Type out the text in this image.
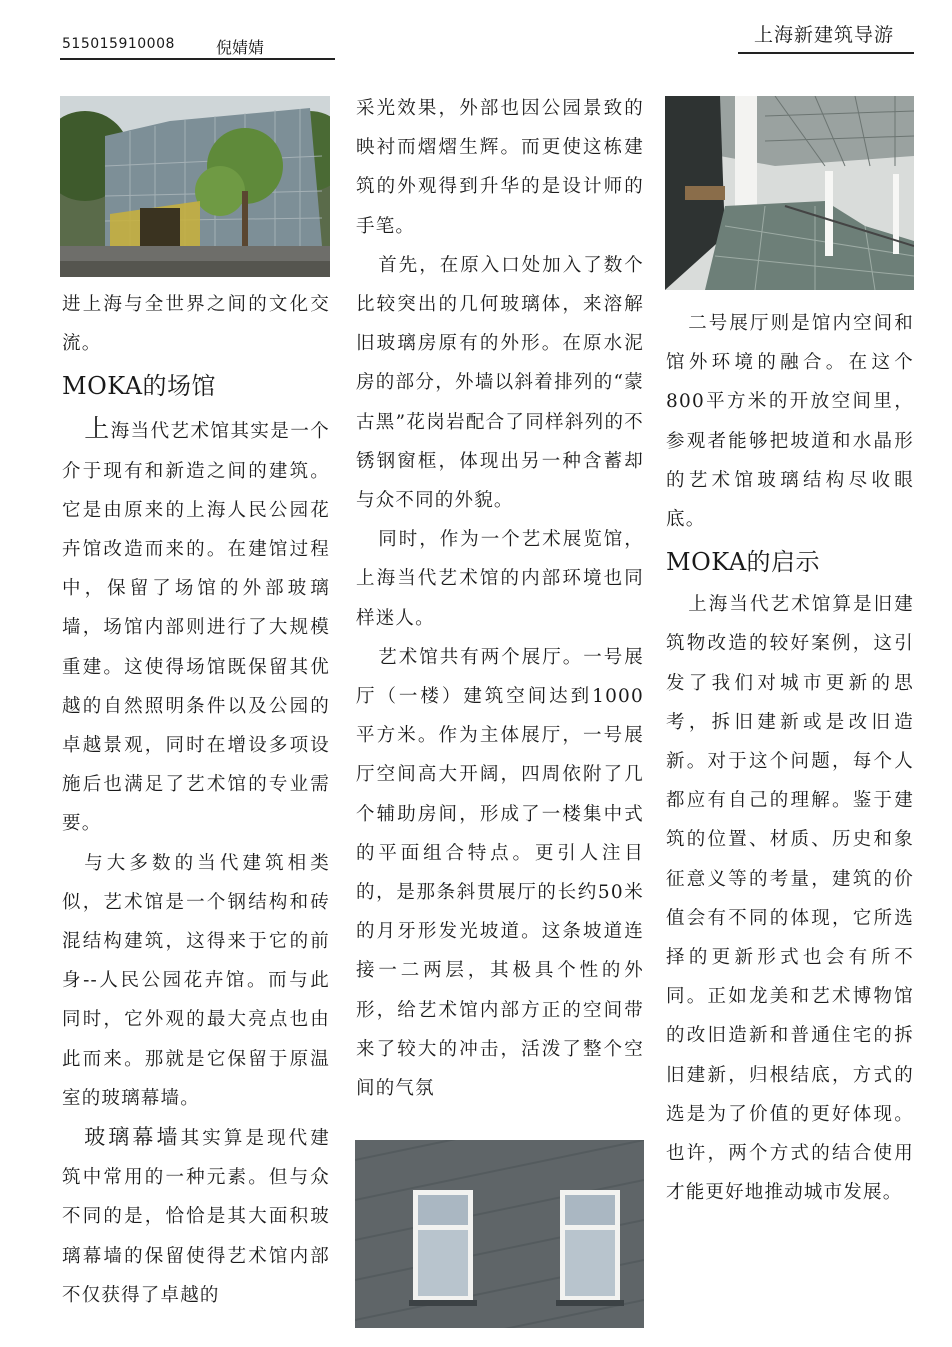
515015910008	倪婧婧
上海新建筑导游

进上海与全世界之间的文化交流。

MOKA的场馆

上海当代艺术馆其实是一个介于现有和新造之间的建筑。它是由原来的上海人民公园花卉馆改造而来的。在建馆过程中，保留了场馆的外部玻璃墙，场馆内部则进行了大规模重建。这使得场馆既保留其优越的自然照明条件以及公园的卓越景观，同时在增设多项设施后也满足了艺术馆的专业需要。

与大多数的当代建筑相类似，艺术馆是一个钢结构和砖混结构建筑，这得来于它的前身--人民公园花卉馆。而与此同时，它外观的最大亮点也由此而来。那就是它保留于原温室的玻璃幕墙。

玻璃幕墙其实算是现代建筑中常用的一种元素。但与众不同的是，恰恰是其大面积玻璃幕墙的保留使得艺术馆内部不仅获得了卓越的

采光效果，外部也因公园景致的映衬而熠熠生辉。而更使这栋建筑的外观得到升华的是设计师的手笔。

首先，在原入口处加入了数个比较突出的几何玻璃体，来溶解旧玻璃房原有的外形。在原水泥房的部分，外墙以斜着排列的“蒙古黑”花岗岩配合了同样斜列的不锈钢窗框，体现出另一种含蓄却与众不同的外貌。

同时，作为一个艺术展览馆，上海当代艺术馆的内部环境也同样迷人。

艺术馆共有两个展厅。一号展厅（一楼）建筑空间达到1000平方米。作为主体展厅，一号展厅空间高大开阔，四周依附了几个辅助房间，形成了一楼集中式的平面组合特点。更引人注目的，是那条斜贯展厅的长约50米的月牙形发光坡道。这条坡道连接一二两层，其极具个性的外形，给艺术馆内部方正的空间带来了较大的冲击，活泼了整个空间的气氛

二号展厅则是馆内空间和馆外环境的融合。在这个800平方米的开放空间里，参观者能够把坡道和水晶形的艺术馆玻璃结构尽收眼底。

MOKA的启示

上海当代艺术馆算是旧建筑物改造的较好案例，这引发了我们对城市更新的思考，拆旧建新或是改旧造新。对于这个问题，每个人都应有自己的理解。鉴于建筑的位置、材质、历史和象征意义等的考量，建筑的价值会有不同的体现，它所选择的更新形式也会有所不同。正如龙美和艺术博物馆的改旧造新和普通住宅的拆旧建新，归根结底，方式的选是为了价值的更好体现。也许，两个方式的结合使用才能更好地推动城市发展。
